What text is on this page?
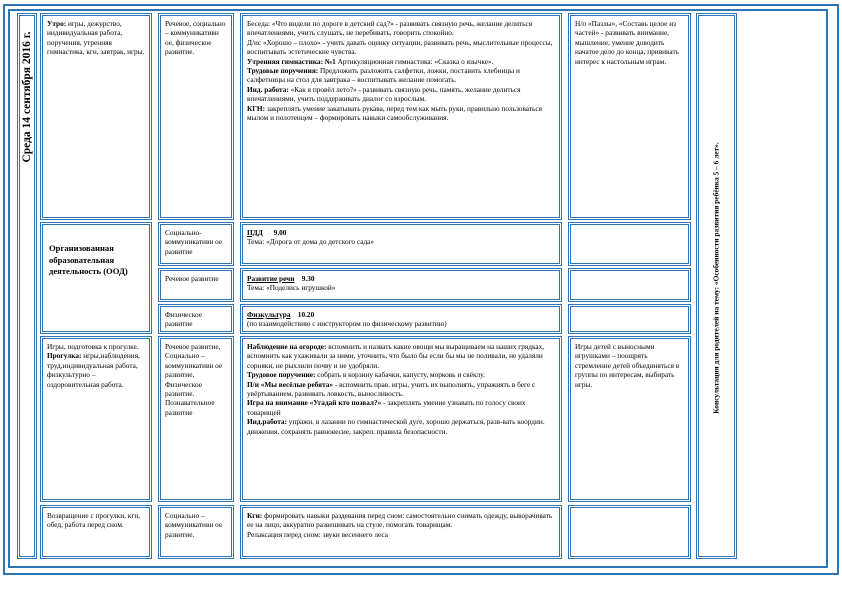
Среда 14 сентября 2016 г.
Консультация для родителей на тему: «Особенности развития ребёнка 5 – 6 лет».
Утро: игры, дежурство, индивидуальная работа, поручения, утренняя гимнастика, кгн, завтрак, игры.
Речевое, социально – коммуникативн ое, физическое развитие.
Беседа: «Что видели по дороге в детский сад?» - развивать связную речь, желание делиться впечатлениями, учить слушать, не перебивать, говорить спокойно.
Д/ис «Хорошо – плохо» - учить давать оценку ситуации, развивать речь, мыслительные процессы, воспитывать эстетические чувства.
Утренняя гимнастика: №1 Артикуляционная гимнастика: «Сказка о язычке».
Трудовые поручения: Предложить разложить салфетки, ложки, поставить хлебницы и салфетницы на стол для завтрака – воспитывать желание помогать.
Инд. работа: «Как я провёл лето?» - развивать связную речь, память, желание делиться впечатлениями, учить поддерживать диалог со взрослым.
КГН: закреплять умение закатывать рукава, перед тем как мыть руки, правильно пользоваться мылом и полотенцем – формировать навыки самообслуживания.
Н/п «Пазлы», «Составь целое из частей» - развивать внимание, мышление, умение доводить начатое дело до конца, прививать интерес к настольным играм.
Организованная образовательная деятельность (ООД)
Социально-коммуникативн ое развитие
ПДД 9.00
Тема: «Дорога от дома до детского сада»
Речевое развитие	Развитие речи 9.30
Тема: «Поделись игрушкой»
Физическое развитие
Физкультура 10.20
(по взаимодействию с инструктором по физическому развитию)
Игры, подготовка к прогулке.
Прогулка: игры,наблюдения, труд,индивидуальная работа, физкультурно – оздоровительная работа.
Речевое развитие, Социально – коммуникативн ое развитие, Физическое развитие. Познавательное развитие
Наблюдение на огороде: вспомнить и назвать какие овощи мы выращиваем на наших грядках, вспомнить как ухаживали за ними, уточнить, что было бы если бы мы не поливали, не удаляли сорняки, не рыхлили почву и не удобряли.
Трудовое поручение: собрать в корзину кабачки, капусту, морковь и свёклу.
П/и «Мы весёлые ребята» - вспомнить прав. игры, учить их выполнять, упражнять в беге с увёртыванием, развивать ловкость, выносливость.
Игра на внимание «Угадай кто позвал?» - закреплять умение узнавать по голосу своих товарищей
Инд.работа: упражн. в лазании по гимнастической дуге, хорошо держаться, разв-вать координ. движения, сохранять равновесие, закреп. правила безопасности.
Игры детей с выносными игрушками – поощрять стремление детей объединяться в группы по интересам, выбирать игры.
Возвращение с прогулки, кгн, обед, работа перед сном.
Социально – коммуникативн ое развитие.
Кгн: формировать навыки раздевания перед сном: самостоятельно снимать одежду, выворачивать ее на лицо, аккуратно развешивать на стуле, помогать товарищам.
Релаксация перед сном: звуки весеннего леса
